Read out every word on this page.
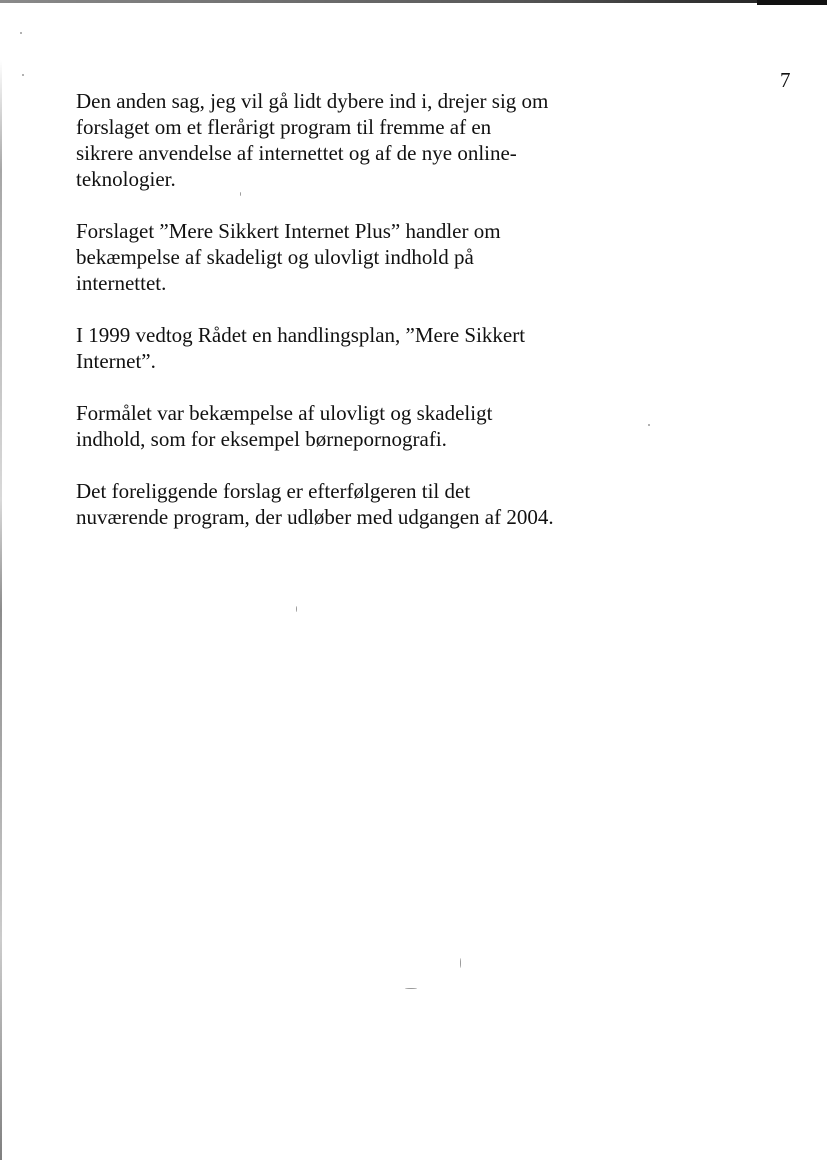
7

Den anden sag, jeg vil gå lidt dybere ind i, drejer sig om
forslaget om et flerårigt program til fremme af en
sikrere anvendelse af internettet og af de nye online-
teknologier.

Forslaget ”Mere Sikkert Internet Plus” handler om
bekæmpelse af skadeligt og ulovligt indhold på
internettet.

I 1999 vedtog Rådet en handlingsplan, ”Mere Sikkert
Internet”.

Formålet var bekæmpelse af ulovligt og skadeligt
indhold, som for eksempel børnepornografi.

Det foreliggende forslag er efterfølgeren til det
nuværende program, der udløber med udgangen af 2004.
